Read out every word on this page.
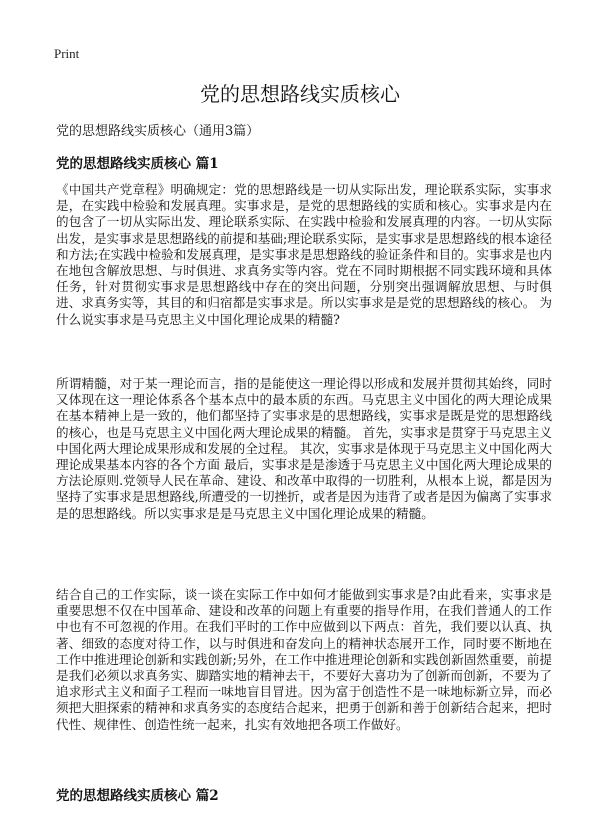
Print
党的思想路线实质核心

党的思想路线实质核心（通用3篇）

党的思想路线实质核心 篇1

《中国共产党章程》明确规定：党的思想路线是一切从实际出发，理论联系实际，实事求是，在实践中检验和发展真理。实事求是，是党的思想路线的实质和核心。实事求是内在的包含了一切从实际出发、理论联系实际、在实践中检验和发展真理的内容。一切从实际出发，是实事求是思想路线的前提和基础;理论联系实际，是实事求是思想路线的根本途径和方法;在实践中检验和发展真理，是实事求是思想路线的验证条件和目的。实事求是也内在地包含解放思想、与时俱进、求真务实等内容。党在不同时期根据不同实践环境和具体任务，针对贯彻实事求是思想路线中存在的突出问题，分别突出强调解放思想、与时俱进、求真务实等，其目的和归宿都是实事求是。所以实事求是是党的思想路线的核心。 为什么说实事求是马克思主义中国化理论成果的精髓?

所谓精髓，对于某一理论而言，指的是能使这一理论得以形成和发展并贯彻其始终，同时又体现在这一理论体系各个基本点中的最本质的东西。马克思主义中国化的两大理论成果在基本精神上是一致的，他们都坚持了实事求是的思想路线，实事求是既是党的思想路线的核心，也是马克思主义中国化两大理论成果的精髓。 首先，实事求是贯穿于马克思主义中国化两大理论成果形成和发展的全过程。 其次，实事求是体现于马克思主义中国化两大理论成果基本内容的各个方面 最后，实事求是是渗透于马克思主义中国化两大理论成果的方法论原则.党领导人民在革命、建设、和改革中取得的一切胜利，从根本上说，都是因为坚持了实事求是思想路线,所遭受的一切挫折，或者是因为违背了或者是因为偏离了实事求是的思想路线。所以实事求是是马克思主义中国化理论成果的精髓。

结合自己的工作实际，谈一谈在实际工作中如何才能做到实事求是?由此看来，实事求是重要思想不仅在中国革命、建设和改革的问题上有重要的指导作用，在我们普通人的工作中也有不可忽视的作用。在我们平时的工作中应做到以下两点：首先，我们要以认真、执著、细致的态度对待工作，以与时俱进和奋发向上的精神状态展开工作，同时要不断地在工作中推进理论创新和实践创新;另外，在工作中推进理论创新和实践创新固然重要，前提是我们必须以求真务实、脚踏实地的精神去干，不要好大喜功为了创新而创新，不要为了追求形式主义和面子工程而一味地盲目冒进。因为富于创造性不是一味地标新立异，而必须把大胆探索的精神和求真务实的态度结合起来，把勇于创新和善于创新结合起来，把时代性、规律性、创造性统一起来，扎实有效地把各项工作做好。

党的思想路线实质核心 篇2
